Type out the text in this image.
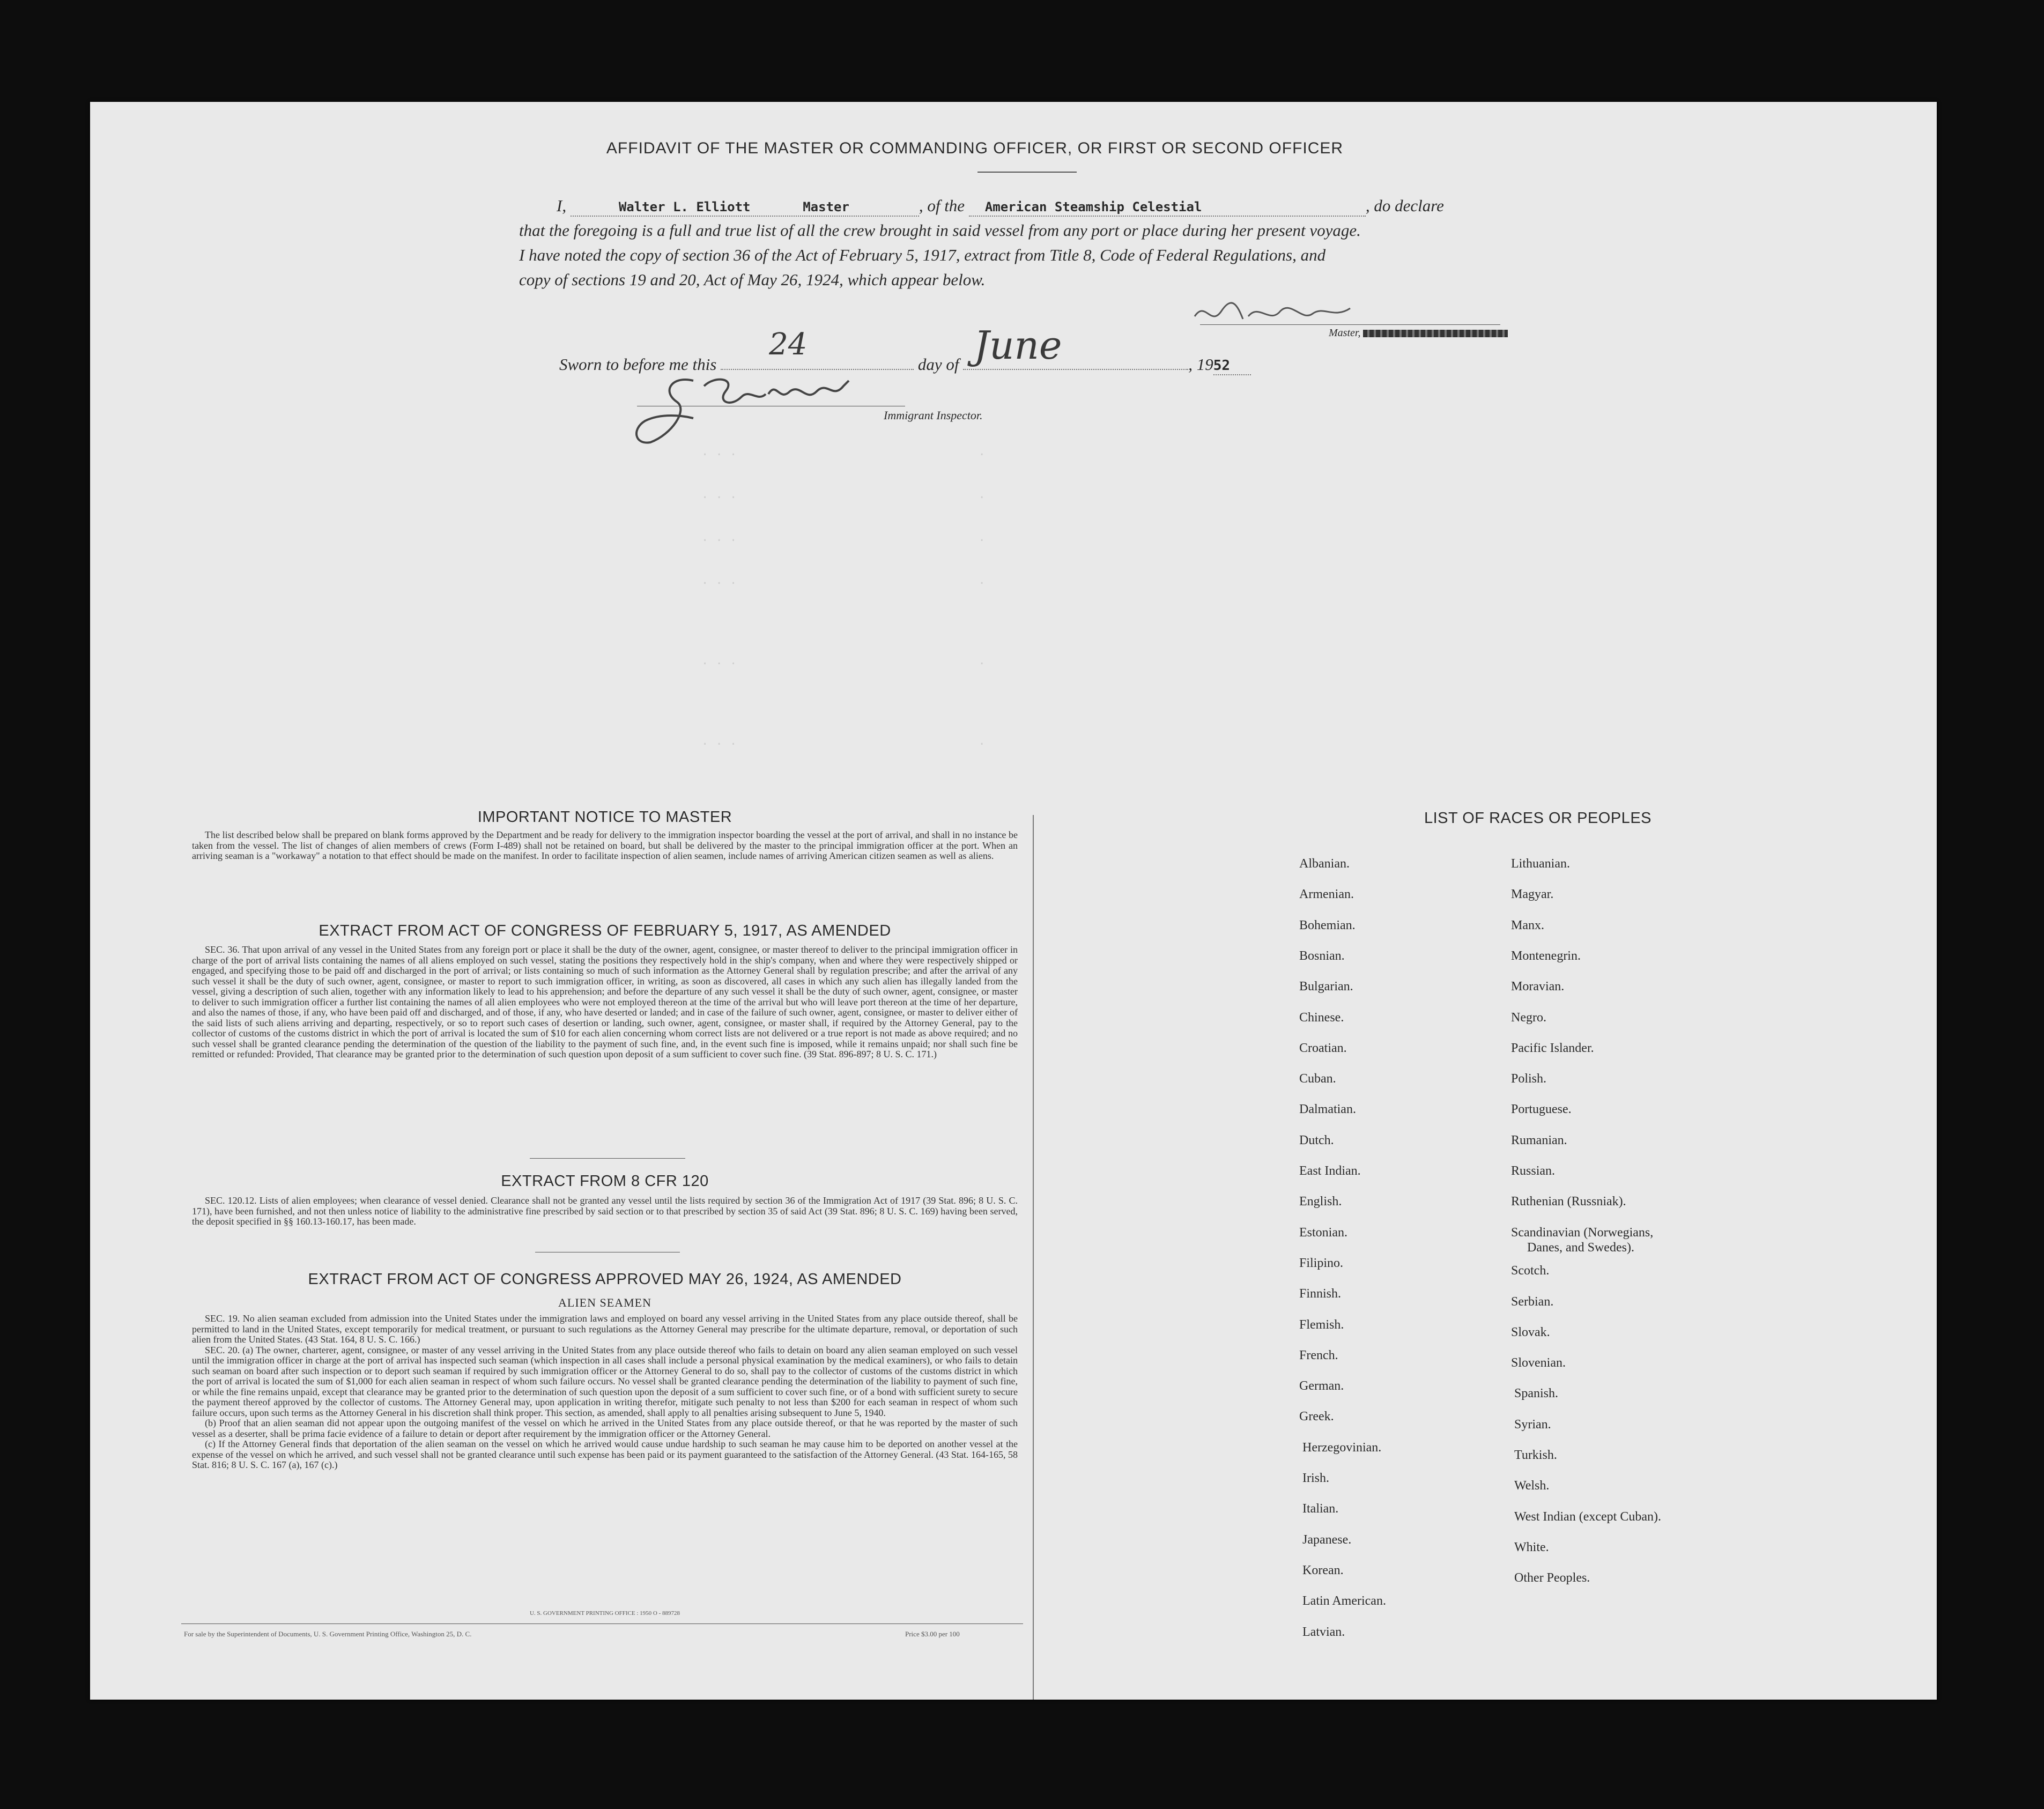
. . .                                  .
. . .                                  .
. . .                                  .
. . .                                  .
. . .                                  .
. . .                                  .
AFFIDAVIT OF THE MASTER OR COMMANDING OFFICER, OR FIRST OR SECOND OFFICER
I,	Walter L. Elliott	Master	, of the American Steamship Celestial	, do declare
that the foregoing is a full and true list of all the crew brought in said vessel from any port or place during her present voyage.
I have noted the copy of section 36 of the Act of February 5, 1917, extract from Title 8, Code of Federal Regulations, and
copy of sections 19 and 20, Act of May 26, 1924, which appear below.
Master,
Sworn to before me this
24
day of June	, 1952
Immigrant Inspector.
IMPORTANT NOTICE TO MASTER
The list described below shall be prepared on blank forms approved by the Department and be ready for delivery to the immigration inspector boarding the vessel at the port of arrival, and shall in no instance be taken from the vessel. The list of changes of alien members of crews (Form I-489) shall not be retained on board, but shall be delivered by the master to the principal immigration officer at the port. When an arriving seaman is a "workaway" a notation to that effect should be made on the manifest. In order to facilitate inspection of alien seamen, include names of arriving American citizen seamen as well as aliens.
EXTRACT FROM ACT OF CONGRESS OF FEBRUARY 5, 1917, AS AMENDED
SEC. 36. That upon arrival of any vessel in the United States from any foreign port or place it shall be the duty of the owner, agent, consignee, or master thereof to deliver to the principal immigration officer in charge of the port of arrival lists containing the names of all aliens employed on such vessel, stating the positions they respectively hold in the ship's company, when and where they were respectively shipped or engaged, and specifying those to be paid off and discharged in the port of arrival; or lists containing so much of such information as the Attorney General shall by regulation prescribe; and after the arrival of any such vessel it shall be the duty of such owner, agent, consignee, or master to report to such immigration officer, in writing, as soon as discovered, all cases in which any such alien has illegally landed from the vessel, giving a description of such alien, together with any information likely to lead to his apprehension; and before the departure of any such vessel it shall be the duty of such owner, agent, consignee, or master to deliver to such immigration officer a further list containing the names of all alien employees who were not employed thereon at the time of the arrival but who will leave port thereon at the time of her departure, and also the names of those, if any, who have been paid off and discharged, and of those, if any, who have deserted or landed; and in case of the failure of such owner, agent, consignee, or master to deliver either of the said lists of such aliens arriving and departing, respectively, or so to report such cases of desertion or landing, such owner, agent, consignee, or master shall, if required by the Attorney General, pay to the collector of customs of the customs district in which the port of arrival is located the sum of $10 for each alien concerning whom correct lists are not delivered or a true report is not made as above required; and no such vessel shall be granted clearance pending the determination of the question of the liability to the payment of such fine, and, in the event such fine is imposed, while it remains unpaid; nor shall such fine be remitted or refunded: Provided, That clearance may be granted prior to the determination of such question upon deposit of a sum sufficient to cover such fine. (39 Stat. 896-897; 8 U. S. C. 171.)
EXTRACT FROM 8 CFR 120
SEC. 120.12. Lists of alien employees; when clearance of vessel denied. Clearance shall not be granted any vessel until the lists required by section 36 of the Immigration Act of 1917 (39 Stat. 896; 8 U. S. C. 171), have been furnished, and not then unless notice of liability to the administrative fine prescribed by said section or to that prescribed by section 35 of said Act (39 Stat. 896; 8 U. S. C. 169) having been served, the deposit specified in §§ 160.13-160.17, has been made.
EXTRACT FROM ACT OF CONGRESS APPROVED MAY 26, 1924, AS AMENDED
ALIEN SEAMEN

SEC. 19. No alien seaman excluded from admission into the United States under the immigration laws and employed on board any vessel arriving in the United States from any place outside thereof, shall be permitted to land in the United States, except temporarily for medical treatment, or pursuant to such regulations as the Attorney General may prescribe for the ultimate departure, removal, or deportation of such alien from the United States. (43 Stat. 164, 8 U. S. C. 166.)

SEC. 20. (a) The owner, charterer, agent, consignee, or master of any vessel arriving in the United States from any place outside thereof who fails to detain on board any alien seaman employed on such vessel until the immigration officer in charge at the port of arrival has inspected such seaman (which inspection in all cases shall include a personal physical examination by the medical examiners), or who fails to detain such seaman on board after such inspection or to deport such seaman if required by such immigration officer or the Attorney General to do so, shall pay to the collector of customs of the customs district in which the port of arrival is located the sum of $1,000 for each alien seaman in respect of whom such failure occurs. No vessel shall be granted clearance pending the determination of the liability to payment of such fine, or while the fine remains unpaid, except that clearance may be granted prior to the determination of such question upon the deposit of a sum sufficient to cover such fine, or of a bond with sufficient surety to secure the payment thereof approved by the collector of customs. The Attorney General may, upon application in writing therefor, mitigate such penalty to not less than $200 for each seaman in respect of whom such failure occurs, upon such terms as the Attorney General in his discretion shall think proper. This section, as amended, shall apply to all penalties arising subsequent to June 5, 1940.

(b) Proof that an alien seaman did not appear upon the outgoing manifest of the vessel on which he arrived in the United States from any place outside thereof, or that he was reported by the master of such vessel as a deserter, shall be prima facie evidence of a failure to detain or deport after requirement by the immigration officer or the Attorney General.

(c) If the Attorney General finds that deportation of the alien seaman on the vessel on which he arrived would cause undue hardship to such seaman he may cause him to be deported on another vessel at the expense of the vessel on which he arrived, and such vessel shall not be granted clearance until such expense has been paid or its payment guaranteed to the satisfaction of the Attorney General. (43 Stat. 164-165, 58 Stat. 816; 8 U. S. C. 167 (a), 167 (c).)

U. S. GOVERNMENT PRINTING OFFICE : 1950 O - 889728
For sale by the Superintendent of Documents, U. S. Government Printing Office, Washington 25, D. C.	Price $3.00 per 100
LIST OF RACES OR PEOPLES
Albanian.
Armenian.
Bohemian.
Bosnian.
Bulgarian.
Chinese.
Croatian.
Cuban.
Dalmatian.
Dutch.
East Indian.
English.
Estonian.
Filipino.
Finnish.
Flemish.
French.
German.
Greek.
Herzegovinian.
Irish.
Italian.
Japanese.
Korean.
Latin American.
Latvian.
Lithuanian.
Magyar.
Manx.
Montenegrin.
Moravian.
Negro.
Pacific Islander.
Polish.
Portuguese.
Rumanian.
Russian.
Ruthenian (Russniak).
Scandinavian (Norwegians,
Scotch.
Serbian.
Slovak.
Slovenian.
Spanish.
Syrian.
Turkish.
Welsh.
West Indian (except Cuban).
White.
Other Peoples.
Danes, and Swedes).
